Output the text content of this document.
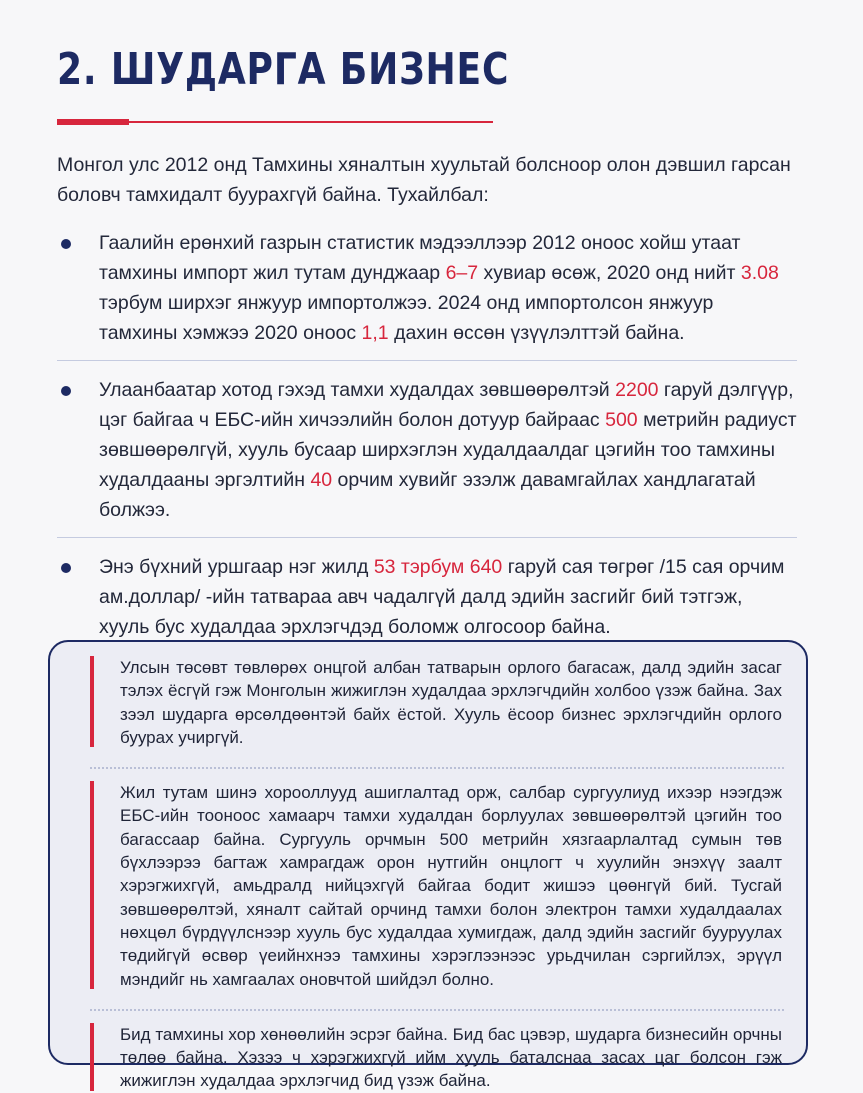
2. ШУДАРГА БИЗНЕС

Монгол улс 2012 онд Тамхины хяналтын хуультай болсноор олон дэвшил гарсан боловч тамхидалт буурахгүй байна. Тухайлбал:

Гаалийн ерөнхий газрын статистик мэдээллээр 2012 оноос хойш утаат тамхины импорт жил тутам дунджаар 6–7 хувиар өсөж, 2020 онд нийт 3.08 тэрбум ширхэг янжуур импортолжээ. 2024 онд импортолсон янжуур тамхины хэмжээ 2020 оноос 1,1 дахин өссөн үзүүлэлттэй байна.
Улаанбаатар хотод гэхэд тамхи худалдах зөвшөөрөлтэй 2200 гаруй дэлгүүр, цэг байгаа ч ЕБС-ийн хичээлийн болон дотуур байраас 500 метрийн радиуст зөвшөөрөлгүй, хууль бусаар ширхэглэн худалдаалдаг цэгийн тоо тамхины худалдааны эргэлтийн 40 орчим хувийг эзэлж давамгайлах хандлагатай болжээ.
Энэ бүхний уршгаар нэг жилд 53 тэрбум 640 гаруй сая төгрөг /15 сая орчим ам.доллар/ -ийн татвараа авч чадалгүй далд эдийн засгийг бий тэтгэж, хууль бус худалдаа эрхлэгчдэд боломж олгосоор байна.
Улсын төсөвт төвлөрөх онцгой албан татварын орлого багасаж, далд эдийн засаг тэлэх ёсгүй гэж Монголын жижиглэн худалдаа эрхлэгчдийн холбоо үзэж байна. Зах зээл шударга өрсөлдөөнтэй байх ёстой. Хууль ёсоор бизнес эрхлэгчдийн орлого буурах учиргүй.
Жил тутам шинэ хорооллууд ашиглалтад орж, салбар сургуулиуд ихээр нээгдэж ЕБС-ийн тооноос хамаарч тамхи худалдан борлуулах зөвшөөрөлтэй цэгийн тоо багассаар байна. Сургууль орчмын 500 метрийн хязгаарлалтад сумын төв бүхлээрээ багтаж хамрагдаж орон нутгийн онцлогт ч хуулийн энэхүү заалт хэрэгжихгүй, амьдралд нийцэхгүй байгаа бодит жишээ цөөнгүй бий. Тусгай зөвшөөрөлтэй, хяналт сайтай орчинд тамхи болон электрон тамхи худалдаалах нөхцөл бүрдүүлснээр хууль бус худалдаа хумигдаж, далд эдийн засгийг бууруулах төдийгүй өсвөр үеийнхнээ тамхины хэрэглээнээс урьдчилан сэргийлэх, эрүүл мэндийг нь хамгаалах оновчтой шийдэл болно.
Бид тамхины хор хөнөөлийн эсрэг байна. Бид бас цэвэр, шударга бизнесийн орчны төлөө байна. Хэзээ ч хэрэгжихгүй ийм хууль баталснаа засах цаг болсон гэж жижиглэн худалдаа эрхлэгчид бид үзэж байна.
